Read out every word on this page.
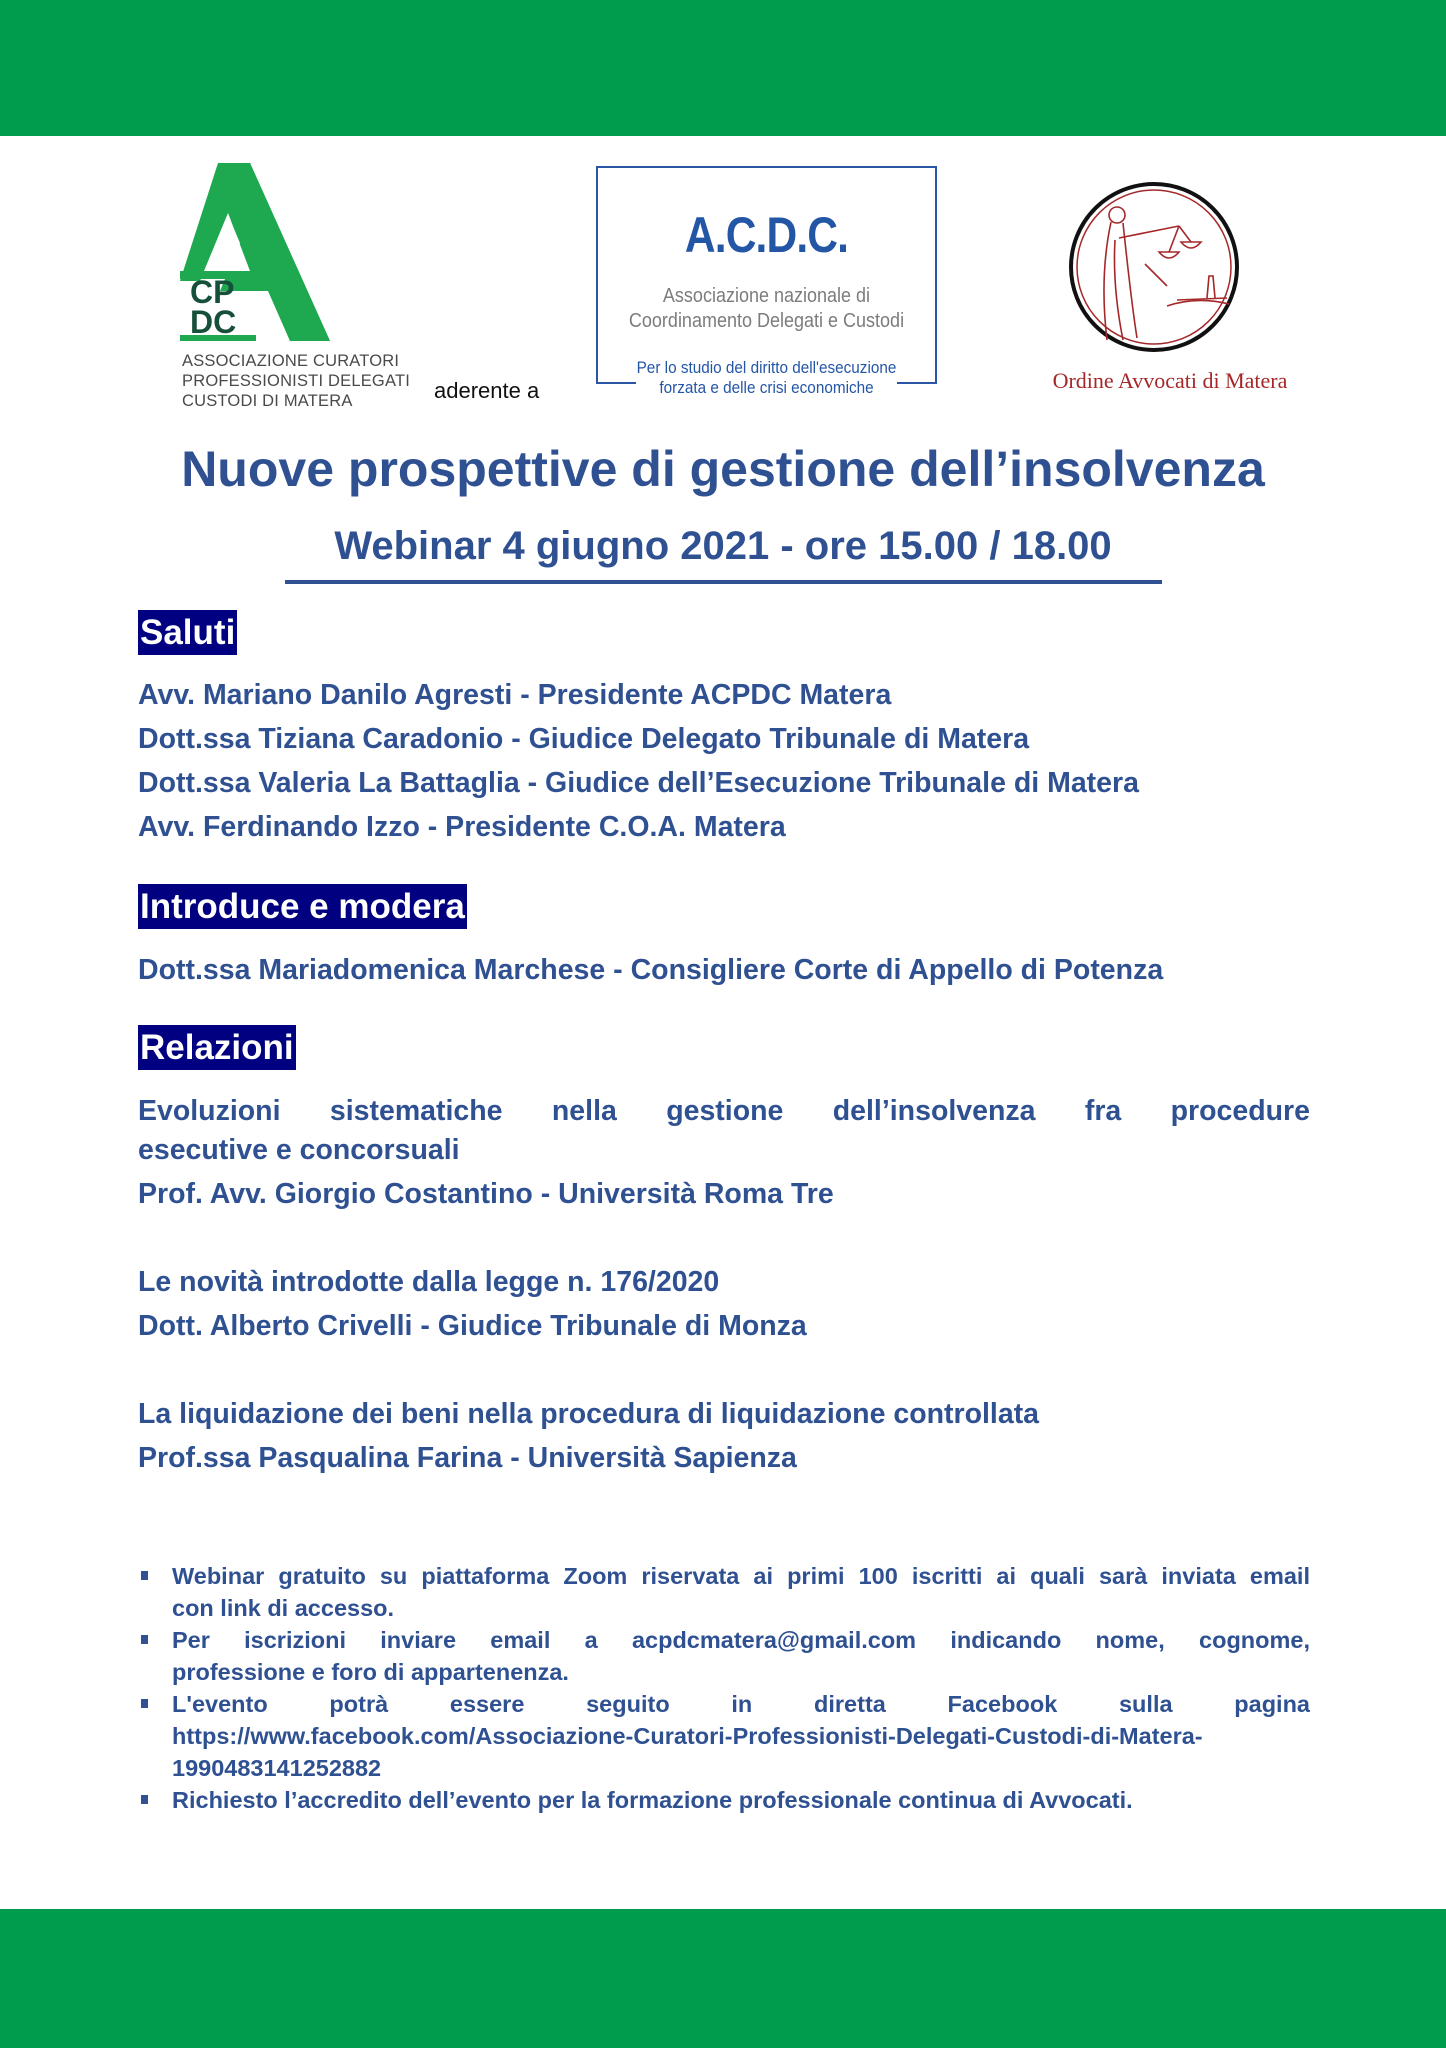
CP
DC
ASSOCIAZIONE CURATORI
PROFESSIONISTI DELEGATI
CUSTODI DI MATERA	aderente a
A.C.D.C.
Associazione nazionale di
Coordinamento Delegati e Custodi
Per lo studio del diritto dell'esecuzione
forzata e delle crisi economiche	Ordine Avvocati di Matera
Nuove prospettive di gestione dell’insolvenza
Webinar 4 giugno 2021 - ore 15.00 / 18.00
Saluti
Avv. Mariano Danilo Agresti - Presidente ACPDC Matera
Dott.ssa Tiziana Caradonio - Giudice Delegato Tribunale di Matera
Dott.ssa Valeria La Battaglia - Giudice dell’Esecuzione Tribunale di Matera
Avv. Ferdinando Izzo - Presidente C.O.A. Matera
Introduce e modera
Dott.ssa Mariadomenica Marchese - Consigliere Corte di Appello di Potenza
Relazioni
Evoluzioni sistematiche nella gestione dell’insolvenza fra procedure
esecutive e concorsuali
Prof. Avv. Giorgio Costantino - Università Roma Tre
Le novità introdotte dalla legge n. 176/2020
Dott. Alberto Crivelli - Giudice Tribunale di Monza
La liquidazione dei beni nella procedura di liquidazione controllata
Prof.ssa Pasqualina Farina - Università Sapienza
Webinar gratuito su piattaforma Zoom riservata ai primi 100 iscritti ai quali sarà inviata email
con link di accesso.
Per iscrizioni inviare email a acpdcmatera@gmail.com indicando nome, cognome,
professione e foro di appartenenza.
L'evento potrà essere seguito in diretta Facebook sulla pagina
https://www.facebook.com/Associazione-Curatori-Professionisti-Delegati-Custodi-di-Matera-
1990483141252882
Richiesto l’accredito dell’evento per la formazione professionale continua di Avvocati.
